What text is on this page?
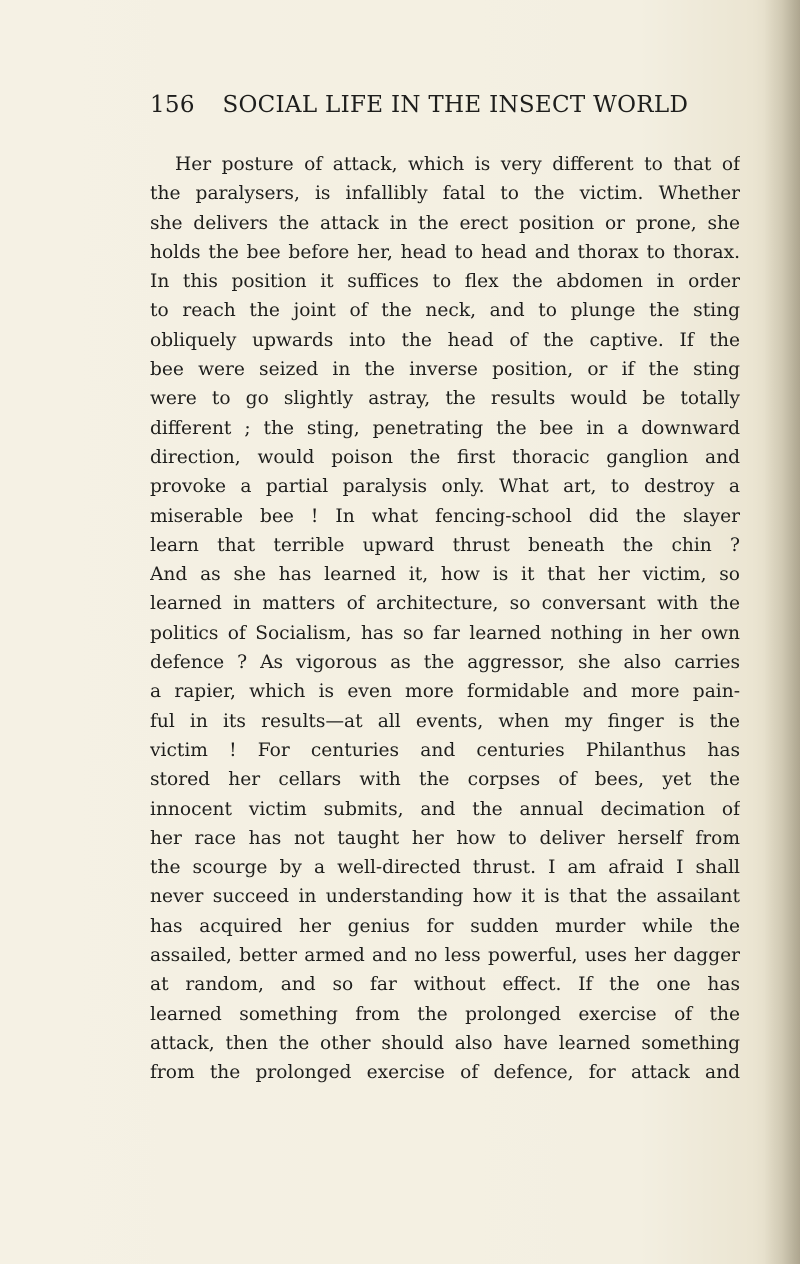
156 SOCIAL LIFE IN THE INSECT WORLD
Her posture of attack, which is very different to that of
the paralysers, is infallibly fatal to the victim. Whether
she delivers the attack in the erect position or prone, she
holds the bee before her, head to head and thorax to thorax.
In this position it suffices to flex the abdomen in order
to reach the joint of the neck, and to plunge the sting
obliquely upwards into the head of the captive. If the
bee were seized in the inverse position, or if the sting
were to go slightly astray, the results would be totally
different ; the sting, penetrating the bee in a downward
direction, would poison the first thoracic ganglion and
provoke a partial paralysis only. What art, to destroy a
miserable bee ! In what fencing-school did the slayer
learn that terrible upward thrust beneath the chin ?
And as she has learned it, how is it that her victim, so
learned in matters of architecture, so conversant with the
politics of Socialism, has so far learned nothing in her own
defence ? As vigorous as the aggressor, she also carries
a rapier, which is even more formidable and more pain-
ful in its results—at all events, when my finger is the
victim ! For centuries and centuries Philanthus has
stored her cellars with the corpses of bees, yet the
innocent victim submits, and the annual decimation of
her race has not taught her how to deliver herself from
the scourge by a well-directed thrust. I am afraid I shall
never succeed in understanding how it is that the assailant
has acquired her genius for sudden murder while the
assailed, better armed and no less powerful, uses her dagger
at random, and so far without effect. If the one has
learned something from the prolonged exercise of the
attack, then the other should also have learned something
from the prolonged exercise of defence, for attack and
